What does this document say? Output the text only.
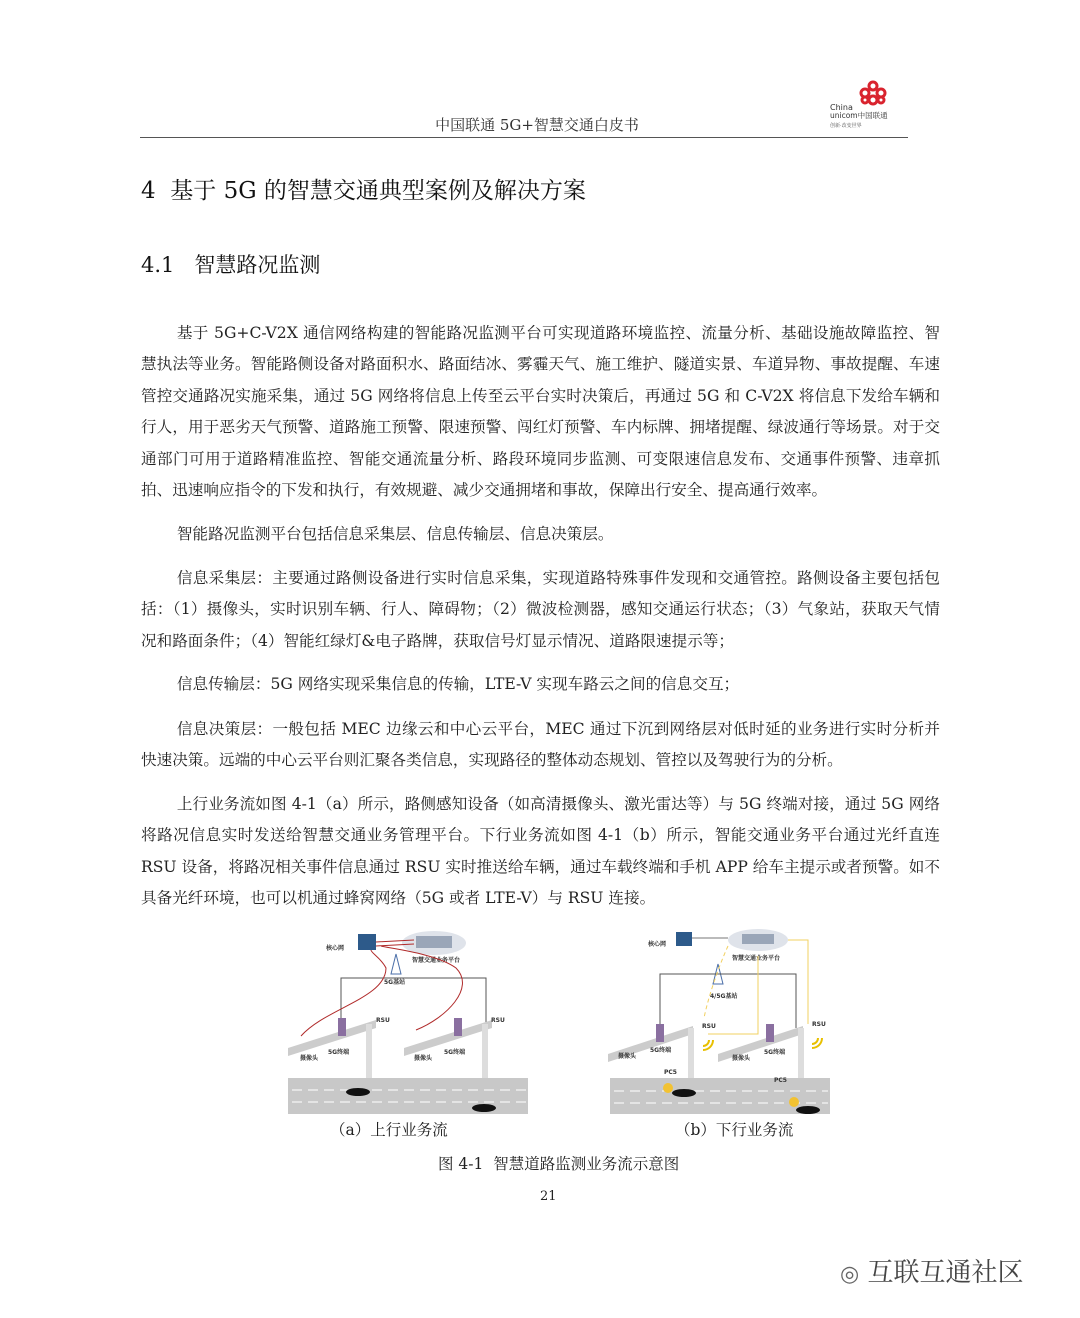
中国联通 5G+智慧交通白皮书
China
unicom中国联通
创新·改变世界
4  基于 5G 的智慧交通典型案例及解决方案
4.1   智慧路况监测
基于 5G+C-V2X 通信网络构建的智能路况监测平台可实现道路环境监控、流量分析、基础设施故障监控、智慧执法等业务。智能路侧设备对路面积水、路面结冰、雾霾天气、施工维护、隧道实景、车道异物、事故提醒、车速管控交通路况实施采集，通过 5G 网络将信息上传至云平台实时决策后，再通过 5G 和 C-V2X 将信息下发给车辆和行人，用于恶劣天气预警、道路施工预警、限速预警、闯红灯预警、车内标牌、拥堵提醒、绿波通行等场景。对于交通部门可用于道路精准监控、智能交通流量分析、路段环境同步监测、可变限速信息发布、交通事件预警、违章抓拍、迅速响应指令的下发和执行，有效规避、减少交通拥堵和事故，保障出行安全、提高通行效率。
智能路况监测平台包括信息采集层、信息传输层、信息决策层。
信息采集层：主要通过路侧设备进行实时信息采集，实现道路特殊事件发现和交通管控。路侧设备主要包括包括：（1）摄像头，实时识别车辆、行人、障碍物；（2）微波检测器，感知交通运行状态；（3）气象站，获取天气情况和路面条件；（4）智能红绿灯&电子路牌，获取信号灯显示情况、道路限速提示等；
信息传输层：5G 网络实现采集信息的传输，LTE-V 实现车路云之间的信息交互；
信息决策层：一般包括 MEC 边缘云和中心云平台，MEC 通过下沉到网络层对低时延的业务进行实时分析并快速决策。远端的中心云平台则汇聚各类信息，实现路径的整体动态规划、管控以及驾驶行为的分析。
上行业务流如图 4-1（a）所示，路侧感知设备（如高清摄像头、激光雷达等）与 5G 终端对接，通过 5G 网络将路况信息实时发送给智慧交通业务管理平台。下行业务流如图 4-1（b）所示，智能交通业务平台通过光纤直连 RSU 设备，将路况相关事件信息通过 RSU 实时推送给车辆，通过车载终端和手机 APP 给车主提示或者预警。如不具备光纤环境，也可以机通过蜂窝网络（5G 或者 LTE-V）与 RSU 连接。
核心网
智慧交通业务平台
5G基站
RSU	RSU
摄像头	摄像头
5G终端	5G终端
（a）上行业务流
核心网
智慧交通业务平台
4/5G基站
RSU	RSU
摄像头	摄像头
5G终端	5G终端
PC5
PC5
（b）下行业务流
图 4-1  智慧道路监测业务流示意图
21
◎ 互联互通社区
